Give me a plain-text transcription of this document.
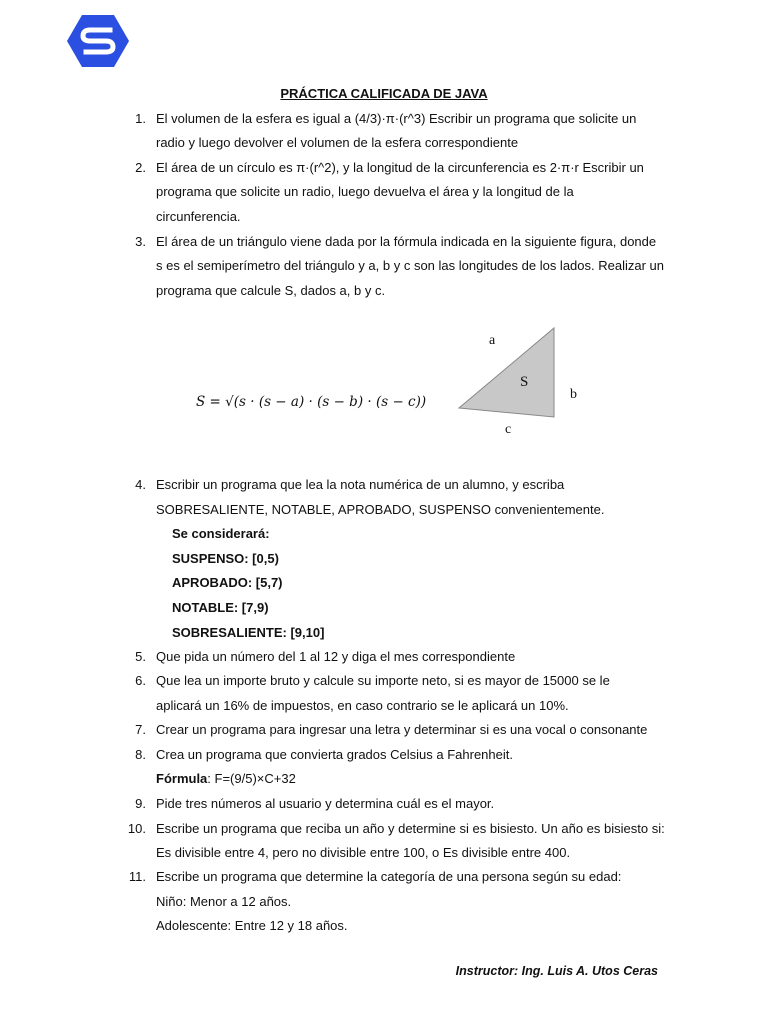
PRÁCTICA CALIFICADA DE JAVA
1. El volumen de la esfera es igual a (4/3)·π·(r^3) Escribir un programa que solicite un
radio y luego devolver el volumen de la esfera correspondiente
2. El área de un círculo es π·(r^2), y la longitud de la circunferencia es 2·π·r Escribir un
programa que solicite un radio, luego devuelva el área y la longitud de la
circunferencia.
3. El área de un triángulo viene dada por la fórmula indicada en la siguiente figura, donde
s es el semiperímetro del triángulo y a, b y c son las longitudes de los lados. Realizar un
programa que calcule S, dados a, b y c.
S = √(s · (s − a) · (s − b) · (s − c))
a
S
b
c
4. Escribir un programa que lea la nota numérica de un alumno, y escriba
SOBRESALIENTE, NOTABLE, APROBADO, SUSPENSO convenientemente.
Se considerará:
SUSPENSO: [0,5)
APROBADO: [5,7)
NOTABLE: [7,9)
SOBRESALIENTE: [9,10]
5. Que pida un número del 1 al 12 y diga el mes correspondiente
6. Que lea un importe bruto y calcule su importe neto, si es mayor de 15000 se le
aplicará un 16% de impuestos, en caso contrario se le aplicará un 10%.
7. Crear un programa para ingresar una letra y determinar si es una vocal o consonante
8. Crea un programa que convierta grados Celsius a Fahrenheit.
Fórmula: F=(9/5)×C+32
9. Pide tres números al usuario y determina cuál es el mayor.
10. Escribe un programa que reciba un año y determine si es bisiesto. Un año es bisiesto si:
Es divisible entre 4, pero no divisible entre 100, o Es divisible entre 400.
11. Escribe un programa que determine la categoría de una persona según su edad:
Niño: Menor a 12 años.
Adolescente: Entre 12 y 18 años.
Instructor: Ing. Luis A. Utos Ceras
